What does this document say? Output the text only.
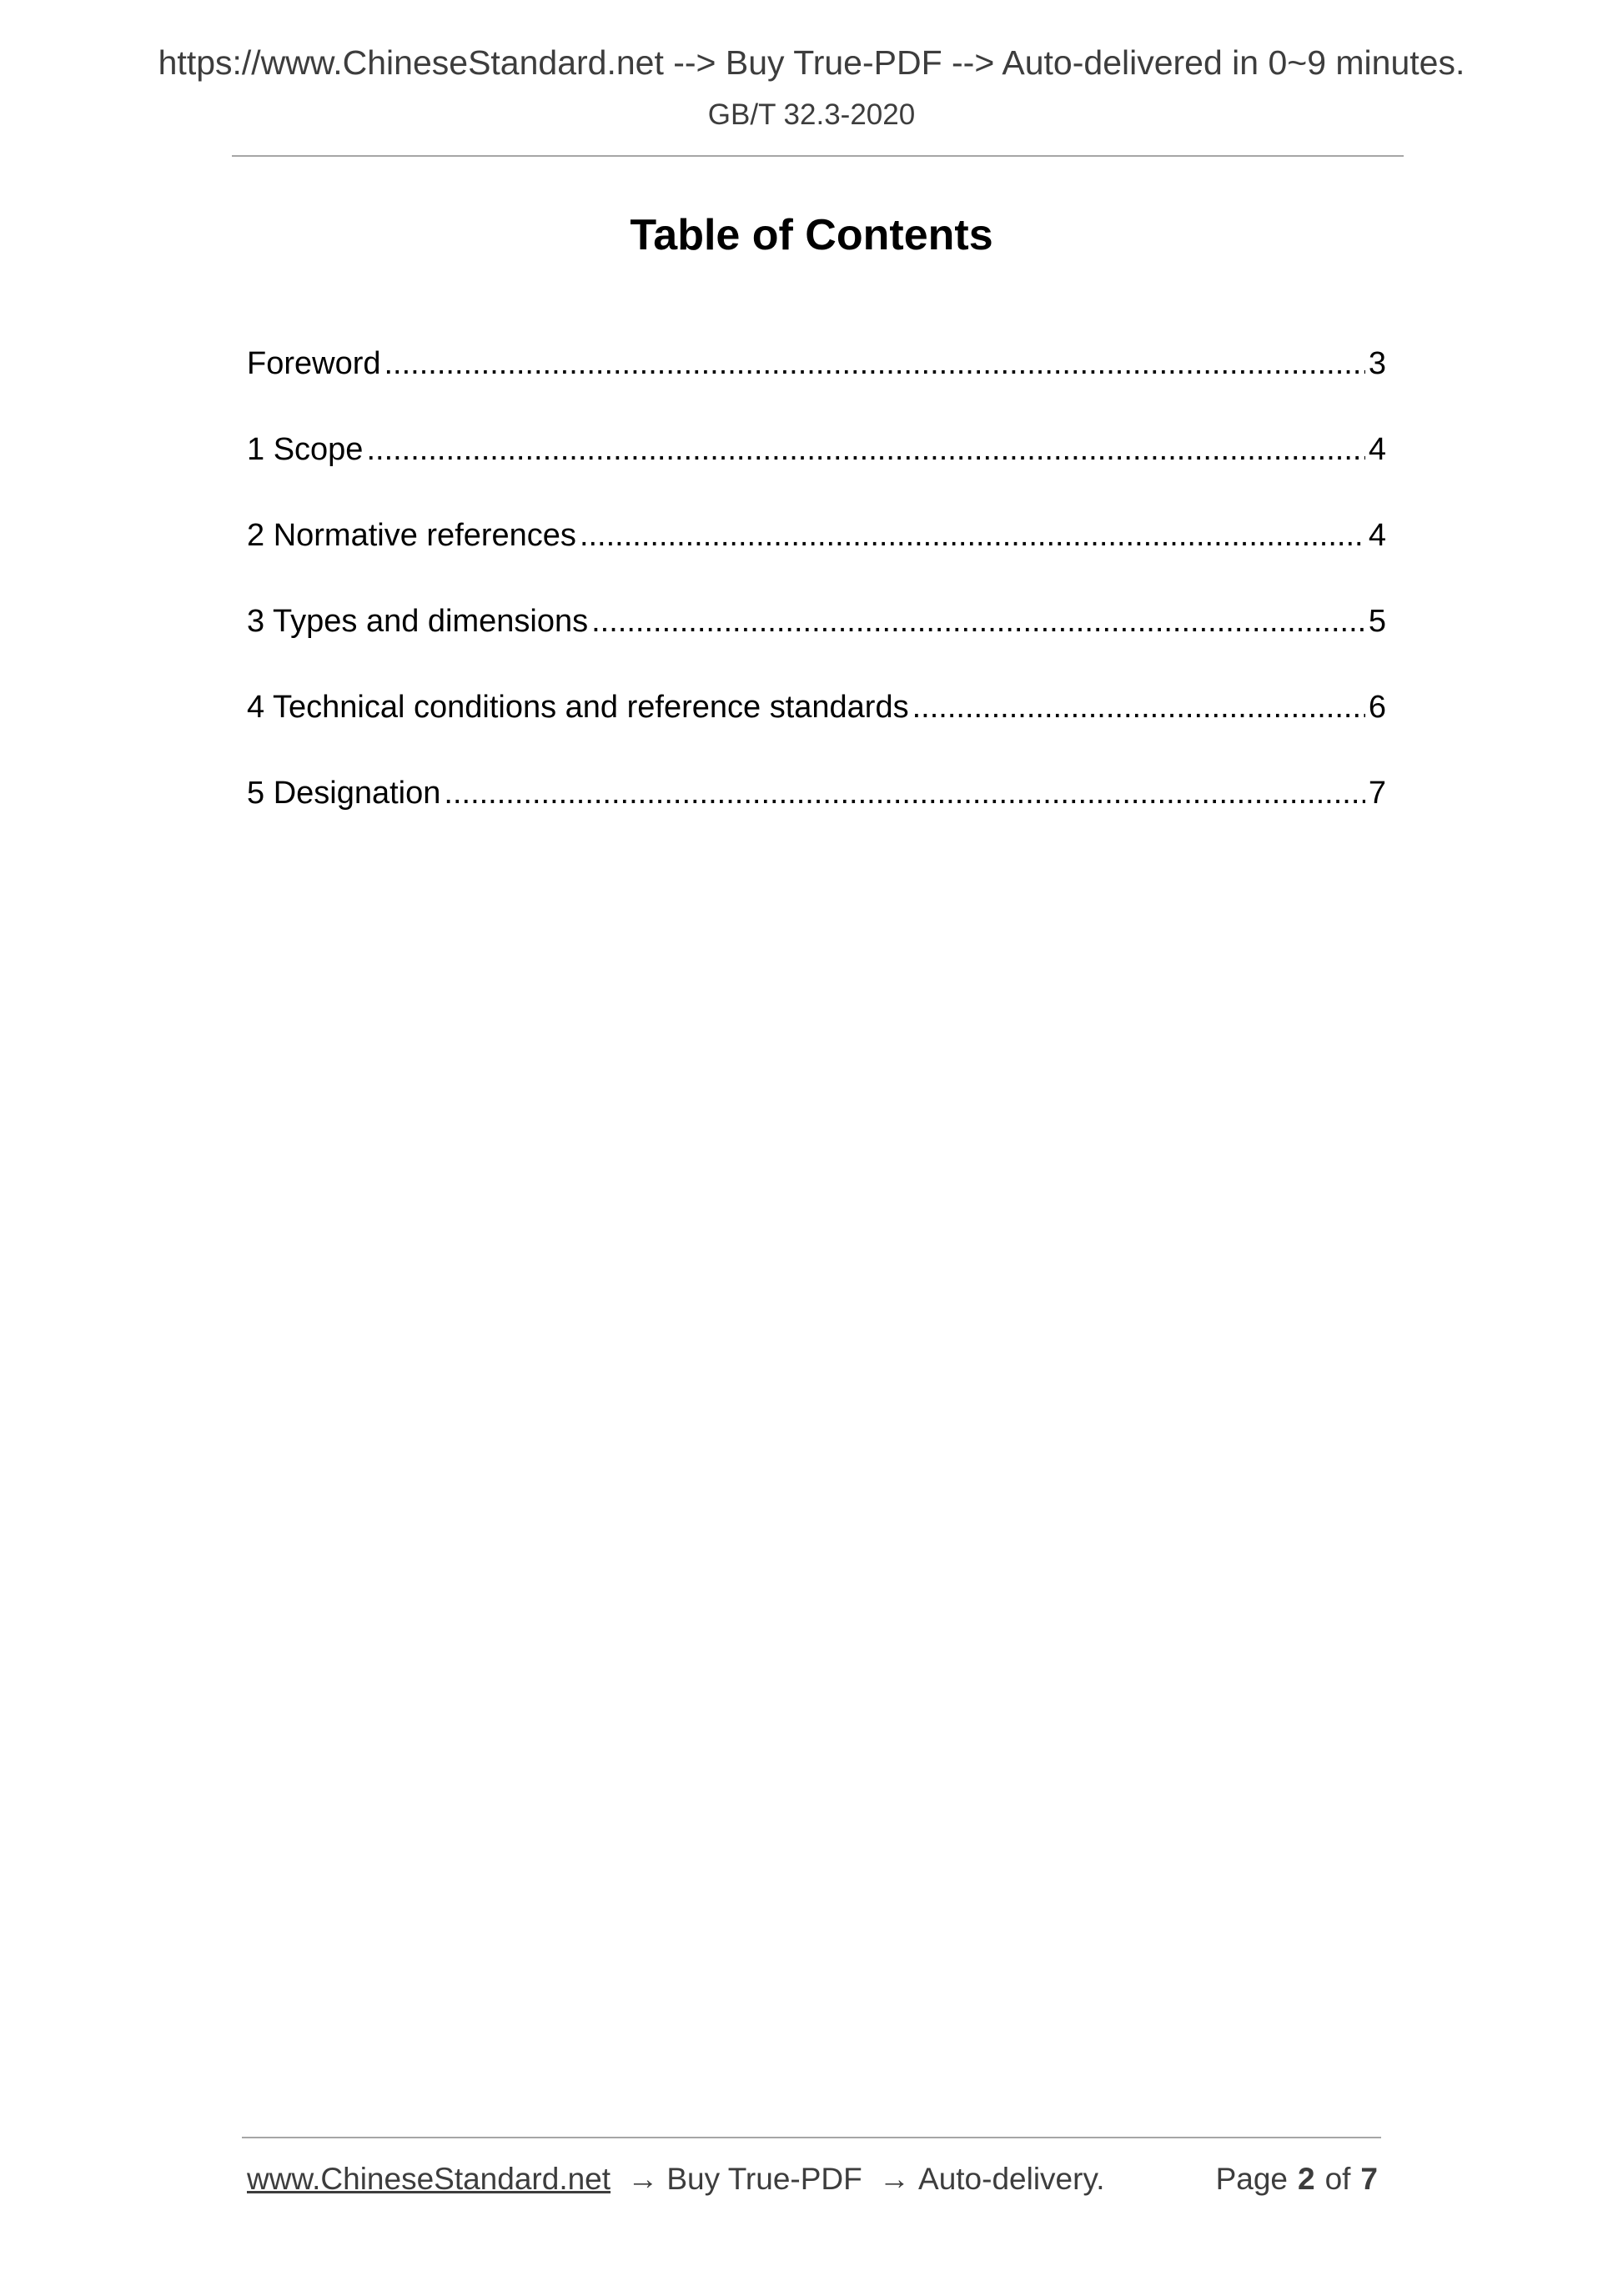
https://www.ChineseStandard.net --> Buy True-PDF --> Auto-delivered in 0~9 minutes.
GB/T 32.3-2020
Table of Contents
Foreword .....	3
1 Scope .....	4
2 Normative references .....	4
3 Types and dimensions .....	5
4 Technical conditions and reference standards .....	6
5 Designation .....	7
www.ChineseStandard.net → Buy True-PDF → Auto-delivery.	Page 2 of 7
